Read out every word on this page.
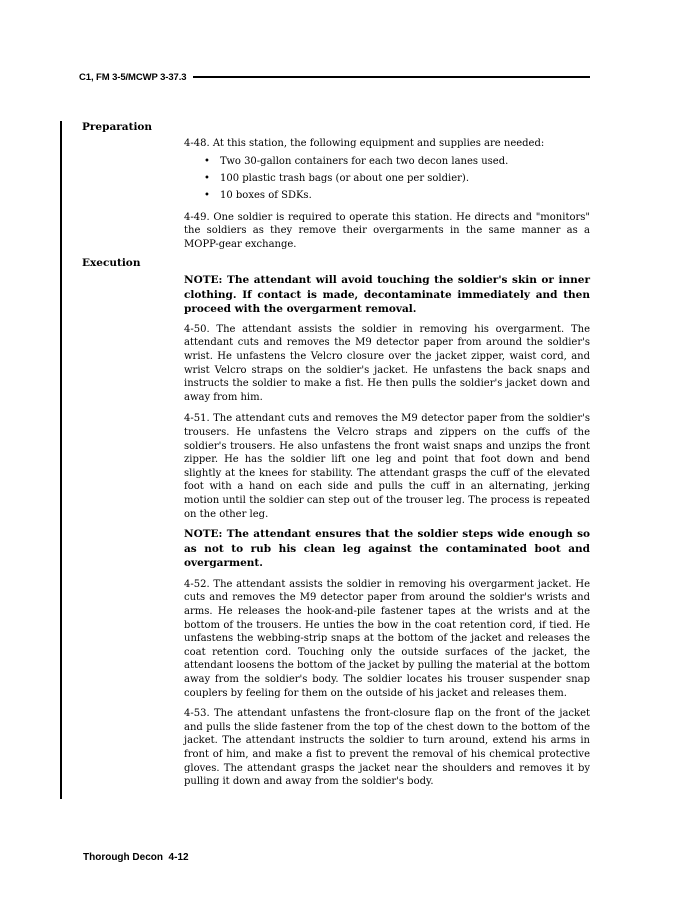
C1, FM 3-5/MCWP 3-37.3
Preparation

4-48. At this station, the following equipment and supplies are needed:

• Two 30-gallon containers for each two decon lanes used.
• 100 plastic trash bags (or about one per soldier).
• 10 boxes of SDKs.

4-49. One soldier is required to operate this station. He directs and "monitors" the soldiers as they remove their overgarments in the same manner as a MOPP-gear exchange.

Execution

NOTE: The attendant will avoid touching the soldier's skin or inner clothing. If contact is made, decontaminate immediately and then proceed with the overgarment removal.

4-50. The attendant assists the soldier in removing his overgarment. The attendant cuts and removes the M9 detector paper from around the soldier's wrist. He unfastens the Velcro closure over the jacket zipper, waist cord, and wrist Velcro straps on the soldier's jacket. He unfastens the back snaps and instructs the soldier to make a fist. He then pulls the soldier's jacket down and away from him.

4-51. The attendant cuts and removes the M9 detector paper from the soldier's trousers. He unfastens the Velcro straps and zippers on the cuffs of the soldier's trousers. He also unfastens the front waist snaps and unzips the front zipper. He has the soldier lift one leg and point that foot down and bend slightly at the knees for stability. The attendant grasps the cuff of the elevated foot with a hand on each side and pulls the cuff in an alternating, jerking motion until the soldier can step out of the trouser leg. The process is repeated on the other leg.

NOTE: The attendant ensures that the soldier steps wide enough so as not to rub his clean leg against the contaminated boot and overgarment.

4-52. The attendant assists the soldier in removing his overgarment jacket. He cuts and removes the M9 detector paper from around the soldier's wrists and arms. He releases the hook-and-pile fastener tapes at the wrists and at the bottom of the trousers. He unties the bow in the coat retention cord, if tied. He unfastens the webbing-strip snaps at the bottom of the jacket and releases the coat retention cord. Touching only the outside surfaces of the jacket, the attendant loosens the bottom of the jacket by pulling the material at the bottom away from the soldier's body. The soldier locates his trouser suspender snap couplers by feeling for them on the outside of his jacket and releases them.

4-53. The attendant unfastens the front-closure flap on the front of the jacket and pulls the slide fastener from the top of the chest down to the bottom of the jacket. The attendant instructs the soldier to turn around, extend his arms in front of him, and make a fist to prevent the removal of his chemical protective gloves. The attendant grasps the jacket near the shoulders and removes it by pulling it down and away from the soldier's body.

Thorough Decon  4-12
